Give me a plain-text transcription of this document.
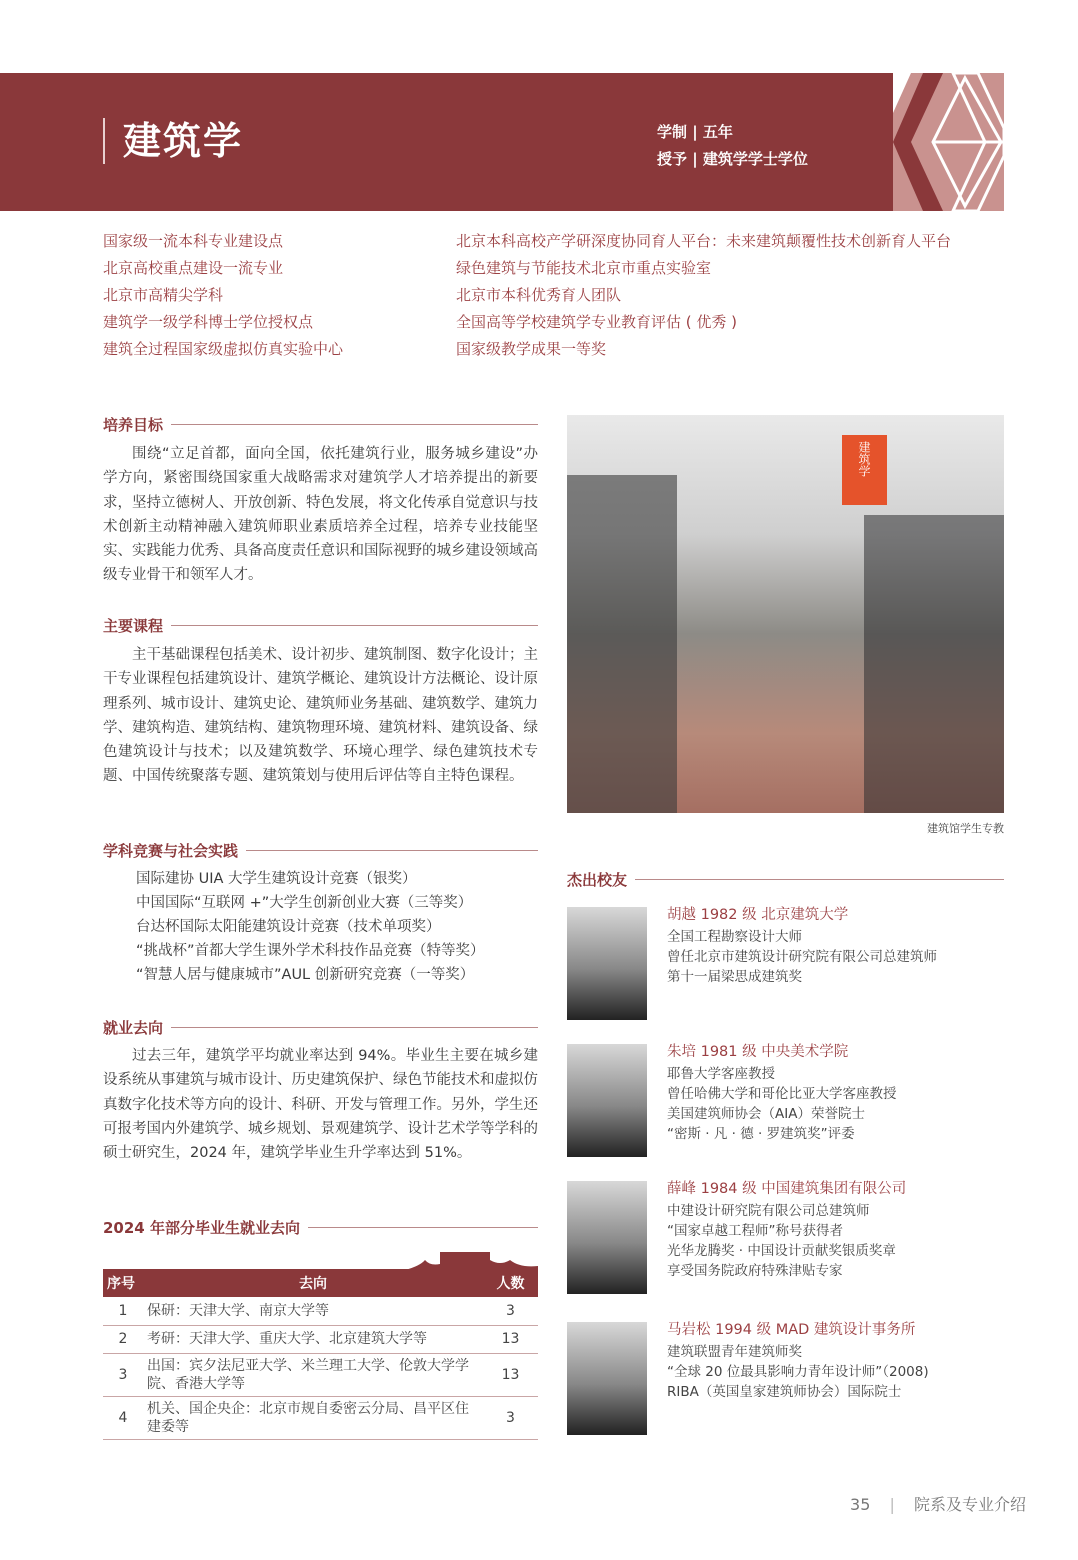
建筑学	学制 | 五年
授予 | 建筑学学士学位
国家级一流本科专业建设点
北京高校重点建设一流专业
北京市高精尖学科
建筑学一级学科博士学位授权点
建筑全过程国家级虚拟仿真实验中心
北京本科高校产学研深度协同育人平台：未来建筑颠覆性技术创新育人平台
绿色建筑与节能技术北京市重点实验室
北京市本科优秀育人团队
全国高等学校建筑学专业教育评估 ( 优秀 )
国家级教学成果一等奖
培养目标
围绕“立足首都，面向全国，依托建筑行业，服务城乡建设”办学方向，紧密围绕国家重大战略需求对建筑学人才培养提出的新要求，坚持立德树人、开放创新、特色发展，将文化传承自觉意识与技术创新主动精神融入建筑师职业素质培养全过程，培养专业技能坚实、实践能力优秀、具备高度责任意识和国际视野的城乡建设领域高级专业骨干和领军人才。
主要课程
主干基础课程包括美术、设计初步、建筑制图、数字化设计；主干专业课程包括建筑设计、建筑学概论、建筑设计方法概论、设计原理系列、城市设计、建筑史论、建筑师业务基础、建筑数学、建筑力学、建筑构造、建筑结构、建筑物理环境、建筑材料、建筑设备、绿色建筑设计与技术；以及建筑数学、环境心理学、绿色建筑技术专题、中国传统聚落专题、建筑策划与使用后评估等自主特色课程。
学科竞赛与社会实践
国际建协 UIA 大学生建筑设计竞赛（银奖）
中国国际“互联网 +”大学生创新创业大赛（三等奖）
台达杯国际太阳能建筑设计竞赛（技术单项奖）
“挑战杯”首都大学生课外学术科技作品竞赛（特等奖）
“智慧人居与健康城市”AUL 创新研究竞赛（一等奖）
就业去向
过去三年，建筑学平均就业率达到 94%。毕业生主要在城乡建设系统从事建筑与城市设计、历史建筑保护、绿色节能技术和虚拟仿真数字化技术等方向的设计、科研、开发与管理工作。另外，学生还可报考国内外建筑学、城乡规划、景观建筑学、设计艺术学等学科的硕士研究生，2024 年，建筑学毕业生升学率达到 51%。
2024 年部分毕业生就业去向
序号	去向	人数
1	保研：天津大学、南京大学等	3
2	考研：天津大学、重庆大学、北京建筑大学等	13
3	出国：宾夕法尼亚大学、米兰理工大学、伦敦大学学院、香港大学等	13
4	机关、国企央企：北京市规自委密云分局、昌平区住建委等	3
建筑学
建筑馆学生专教
杰出校友
胡越 1982 级 北京建筑大学
全国工程勘察设计大师
曾任北京市建筑设计研究院有限公司总建筑师
第十一届梁思成建筑奖
朱培 1981 级 中央美术学院
耶鲁大学客座教授
曾任哈佛大学和哥伦比亚大学客座教授
美国建筑师协会（AIA）荣誉院士
“密斯 · 凡 · 德 · 罗建筑奖”评委
薛峰 1984 级 中国建筑集团有限公司
中建设计研究院有限公司总建筑师
“国家卓越工程师”称号获得者
光华龙腾奖 · 中国设计贡献奖银质奖章
享受国务院政府特殊津贴专家
马岩松 1994 级 MAD 建筑设计事务所
建筑联盟青年建筑师奖
“全球 20 位最具影响力青年设计师”（2008)
RIBA（英国皇家建筑师协会）国际院士
35 | 院系及专业介绍
